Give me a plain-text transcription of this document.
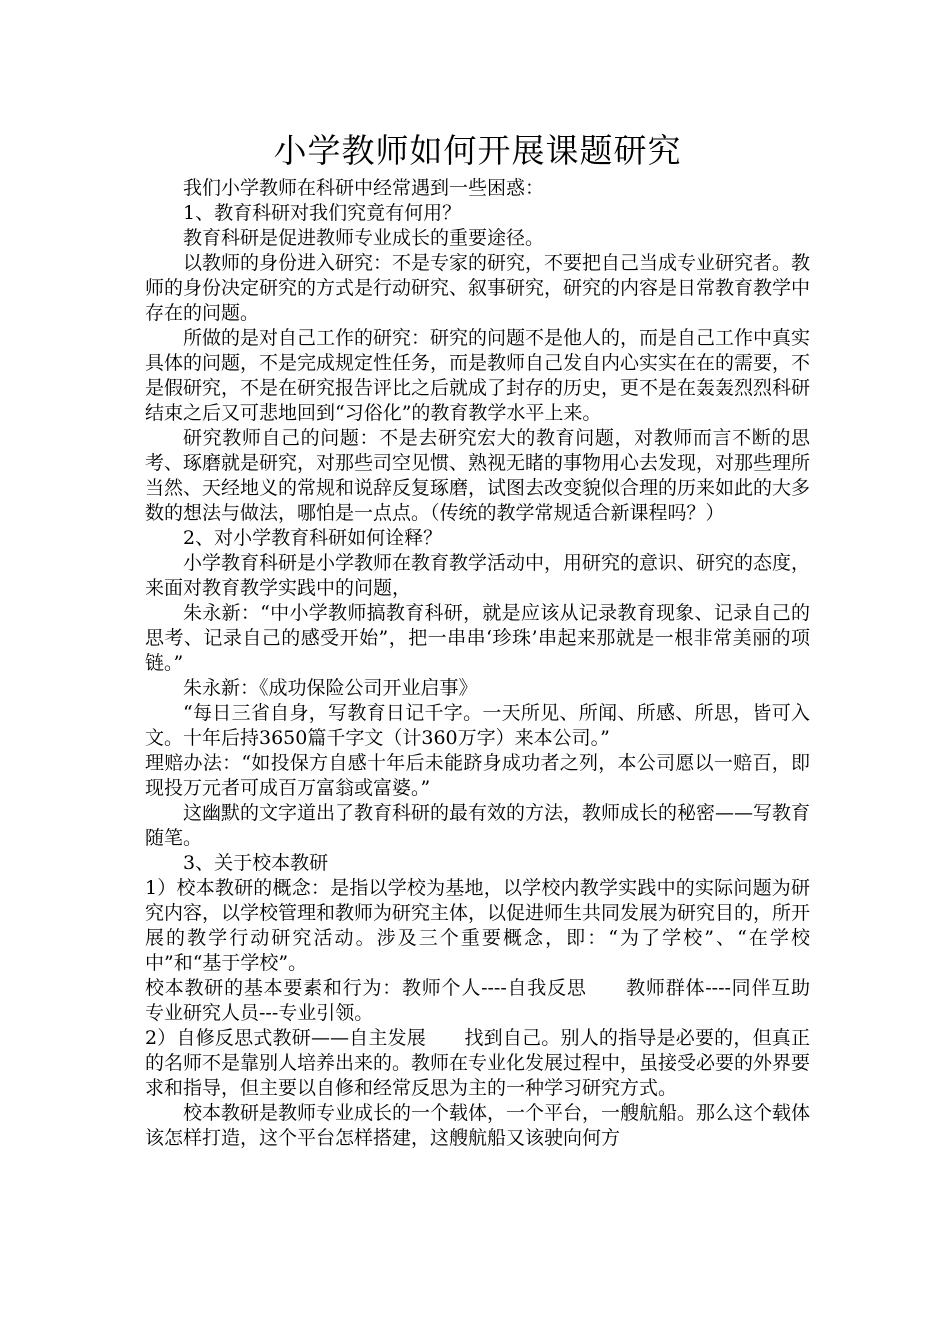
小学教师如何开展课题研究

我们小学教师在科研中经常遇到一些困惑：

1、教育科研对我们究竟有何用？

教育科研是促进教师专业成长的重要途径。

以教师的身份进入研究：不是专家的研究，不要把自己当成专业研究者。教师的身份决定研究的方式是行动研究、叙事研究，研究的内容是日常教育教学中存在的问题。

所做的是对自己工作的研究：研究的问题不是他人的，而是自己工作中真实具体的问题，不是完成规定性任务，而是教师自己发自内心实实在在的需要，不是假研究，不是在研究报告评比之后就成了封存的历史，更不是在轰轰烈烈科研结束之后又可悲地回到“习俗化”的教育教学水平上来。

研究教师自己的问题：不是去研究宏大的教育问题，对教师而言不断的思考、琢磨就是研究，对那些司空见惯、熟视无睹的事物用心去发现，对那些理所当然、天经地义的常规和说辞反复琢磨，试图去改变貌似合理的历来如此的大多数的想法与做法，哪怕是一点点。（传统的教学常规适合新课程吗？）

2、对小学教育科研如何诠释？

小学教育科研是小学教师在教育教学活动中，用研究的意识、研究的态度，来面对教育教学实践中的问题，

朱永新：“中小学教师搞教育科研，就是应该从记录教育现象、记录自己的思考、记录自己的感受开始”，把一串串‘珍珠’串起来那就是一根非常美丽的项链。”

朱永新：《成功保险公司开业启事》

“每日三省自身，写教育日记千字。一天所见、所闻、所感、所思，皆可入文。十年后持3650篇千字文（计360万字）来本公司。”

理赔办法：“如投保方自感十年后未能跻身成功者之列，本公司愿以一赔百，即现投万元者可成百万富翁或富婆。”

这幽默的文字道出了教育科研的最有效的方法，教师成长的秘密——写教育随笔。

3、关于校本教研

1）校本教研的概念：是指以学校为基地，以学校内教学实践中的实际问题为研究内容，以学校管理和教师为研究主体，以促进师生共同发展为研究目的，所开展的教学行动研究活动。涉及三个重要概念，即：“为了学校”、“在学校中”和“基于学校”。

校本教研的基本要素和行为：教师个人----自我反思　　教师群体----同伴互助　　　专业研究人员---专业引领。

2）自修反思式教研——自主发展　　找到自己。别人的指导是必要的，但真正的名师不是靠别人培养出来的。教师在专业化发展过程中，虽接受必要的外界要求和指导，但主要以自修和经常反思为主的一种学习研究方式。

校本教研是教师专业成长的一个载体，一个平台，一艘航船。那么这个载体该怎样打造，这个平台怎样搭建，这艘航船又该驶向何方
